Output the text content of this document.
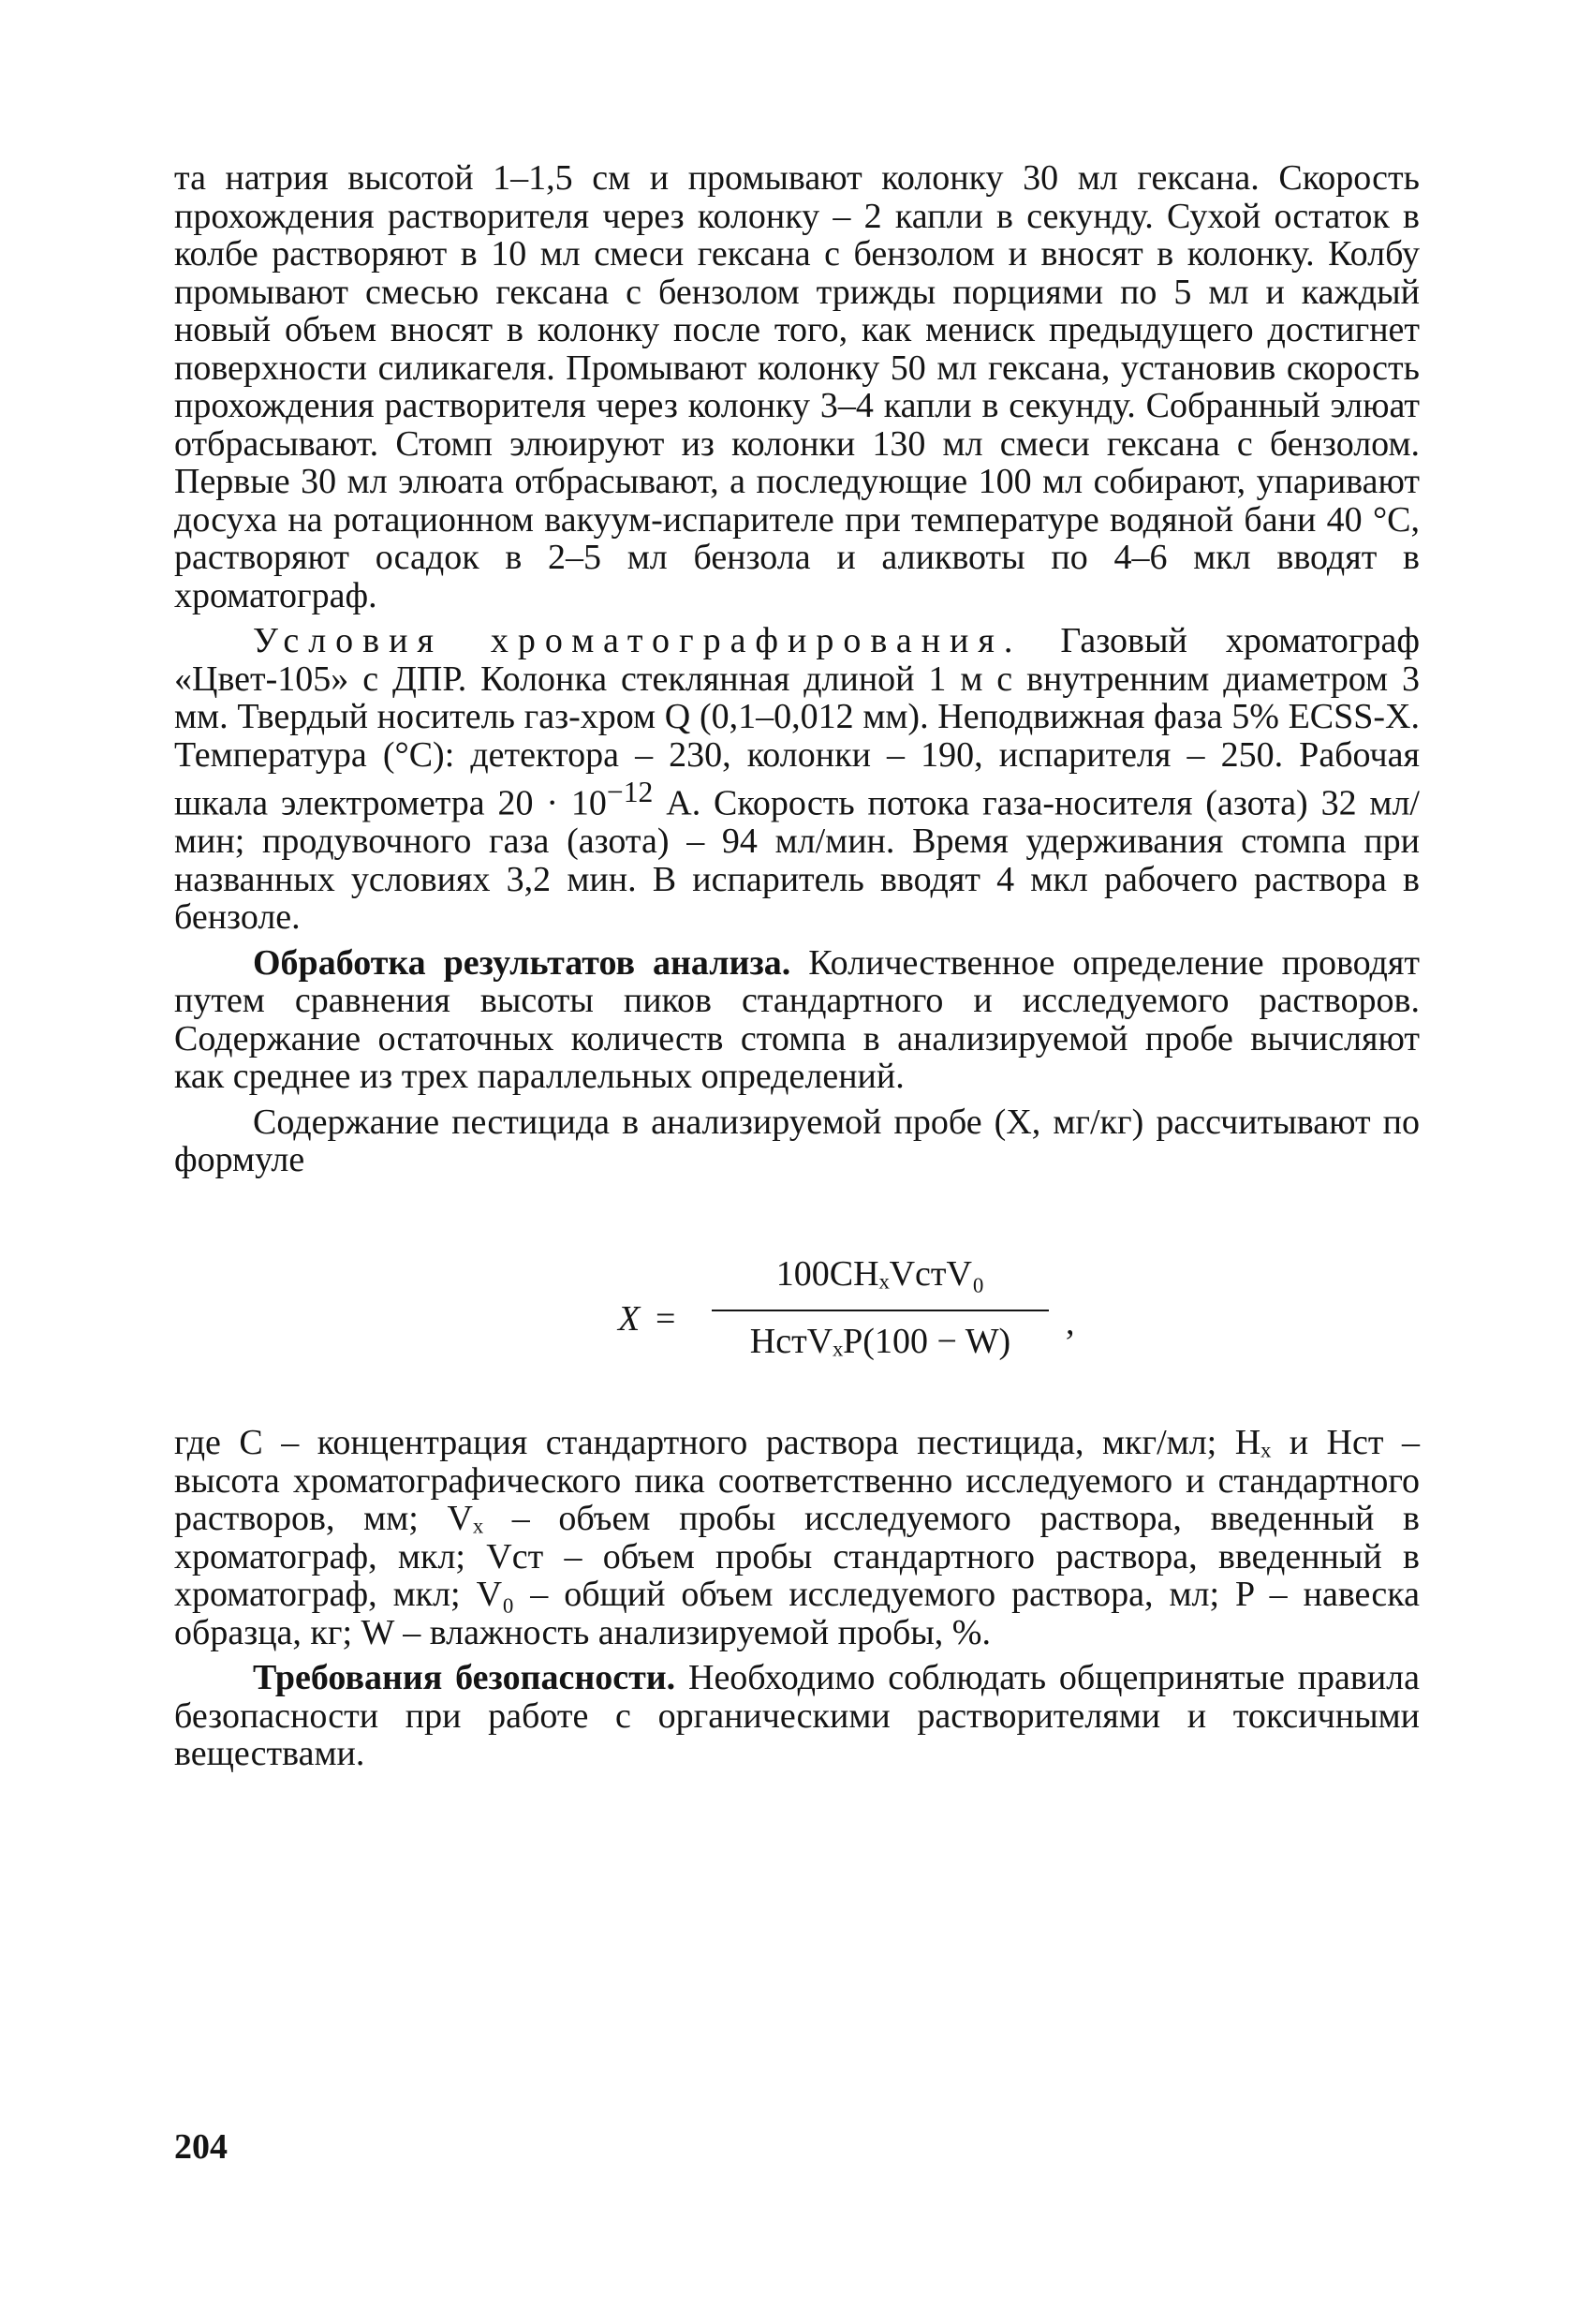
та натрия высотой 1–1,5 см и промывают колонку 30 мл гексана. Скорость прохождения растворителя через колонку – 2 капли в секунду. Сухой остаток в колбе растворяют в 10 мл смеси гексана с бензолом и вносят в колонку. Колбу промывают смесью гексана с бензолом трижды порциями по 5 мл и каждый новый объем вносят в колонку после того, как мениск предыдущего достигнет поверхности силикагеля. Промывают колонку 50 мл гексана, установив скорость прохождения растворителя через колонку 3–4 капли в секунду. Собранный элюат отбрасывают. Стомп элюируют из колонки 130 мл смеси гексана с бензолом. Первые 30 мл элюата отбрасывают, а последующие 100 мл собирают, упаривают досуха на ротационном вакуум-испарителе при температуре водяной бани 40 °С, растворяют осадок в 2–5 мл бензола и аликвоты по 4–6 мкл вводят в хроматограф.

Условия хроматографирования. Газовый хроматограф «Цвет-105» с ДПР. Колонка стеклянная длиной 1 м с внутренним диаметром 3 мм. Твердый носитель газ-хром Q (0,1–0,012 мм). Неподвижная фаза 5% ECSS-X. Температура (°С): детектора – 230, колонки – 190, испарителя – 250. Рабочая шкала электрометра $20 \cdot 10^{-12}$ А. Скорость потока газа-носителя (азота) 32 мл/мин; продувочного газа (азота) – 94 мл/мин. Время удерживания стомпа при названных условиях 3,2 мин. В испаритель вводят 4 мкл рабочего раствора в бензоле.

Обработка результатов анализа. Количественное определение проводят путем сравнения высоты пиков стандартного и исследуемого растворов. Содержание остаточных количеств стомпа в анализируемой пробе вычисляют как среднее из трех параллельных определений.

Содержание пестицида в анализируемой пробе (X, мг/кг) рассчитывают по формуле

X =
100CHₓVстV₀
HстVₓP(100 − W)	,

где C – концентрация стандартного раствора пестицида, мкг/мл; Hₓ и Hст – высота хроматографического пика соответственно исследуемого и стандартного растворов, мм; Vₓ – объем пробы исследуемого раствора, введенный в хроматограф, мкл; Vст – объем пробы стандартного раствора, введенный в хроматограф, мкл; V₀ – общий объем исследуемого раствора, мл; P – навеска образца, кг; W – влажность анализируемой пробы, %.

Требования безопасности. Необходимо соблюдать общепринятые правила безопасности при работе с органическими растворителями и токсичными веществами.

204
